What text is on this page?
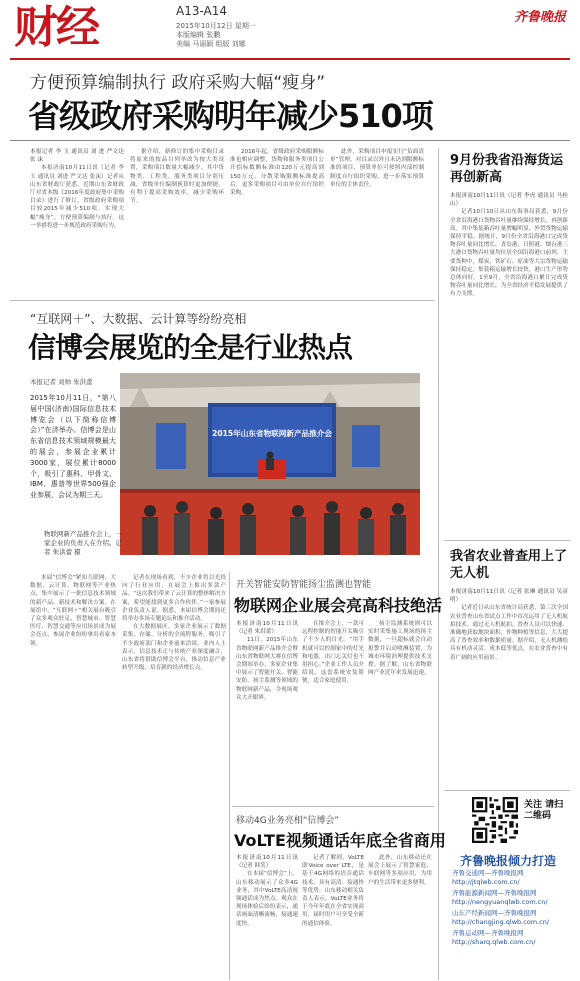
财经	A13-A14
2015年10月12日 星期一
本版编辑 张鹏
美编 马丽颖 组版 刘娜
齐鲁晚报
方便预算编制执行 政府采购大幅“瘦身”
省级政府采购明年减少510项
本报记者 李 玉 通讯员 刘 进 严文达 张 沫

本报济南10月11日讯（记者 李玉 通讯员 刘进 严文达 张沫）记者从山东省财政厅获悉，近期山东省财政厅对省本级《2016年度政府集中采购目录》进行了修订，省级政府采购项目较2015年减少510项，实现大幅“瘦身”，方便预算编制与执行。这一举措将进一步规范政府采购行为。

据介绍，新修订的集中采购目录将原来的按品目列举改为按大类设置，采购项目数量大幅减少。其中货物类、工程类、服务类项目分别压减，省级单位编制预算时更加便捷，有利于提高采购效率，减少采购环节。

2016年起，省级政府采购限额标准也相应调整，货物和服务类项目公开招标数额标准由120万元提高到150万元。分散采购限额标准提高后，更多采购项目可由单位自行组织采购。

此外，采购项目申报实行“负面清单”管理，对目录以外且未达到限额标准的项目，预算单位可按照内部控制制度自行组织采购，进一步落实预算单位的主体责任。

9月份我省沿海货运再创新高
本报济南10月11日讯（记者 李虎 通讯员 马桂山）

记者10月10日从山东海事局获悉，9月份全省沿海港口货物吞吐量继续保持增长，再创新高。其中集装箱吞吐量增幅明显，外贸货物运输保持平稳。据统计，9月份全省沿海港口完成货物吞吐量同比增长，青岛港、日照港、烟台港三大港口货物吞吐量均位居全国沿海港口前列。主要货种中，煤炭、铁矿石、原油等大宗货物运输保持稳定，集装箱运输增长较快，港口生产形势总体向好。1至9月，全省沿海港口累计完成货物吞吐量同比增长，为全省经济平稳发展提供了有力支撑。

我省农业普查用上了无人机
本报济南10月11日讯（记者 张琳 通讯员 吴彦明）

记者近日从山东省统计局获悉，第三次全国农业普查山东省试点工作中首次运用了无人机航拍技术。通过无人机航拍，普查人员可以快速、准确地获取地块面积、作物种植等信息，大大提高了普查效率和数据质量。据介绍，无人机测绘具有机动灵活、成本低等优点，在农业普查中有着广阔的应用前景。

关注 请扫 二维码
齐鲁晚报倾力打造
齐鲁交通网—齐鲁晚报网
http://jtqlwb.com.cn/
齐鲁能源新闻网—齐鲁晚报网
http://nengyuanqlwb.com.cn/
山东产经新闻网—齐鲁晚报网
http://changjing.qlwb.com.cn/
齐鲁运动网—齐鲁晚报网
http://sharq.qlwb.com.cn/
“互联网＋”、大数据、云计算等纷纷亮相
信博会展览的全是行业热点
本报记者 刘帅 朱洪蕾
2015年10月11日，“第八届中国(济南)国际信息技术博览会（以下简称信博会）”在济举办。信博会是山东省信息技术领域规模最大的展会，参展企业累计3000家，展位累计8000个，吸引了惠科、甲骨文、IBM、惠普等世界500强企业参展，会议为期三天。
2015年山东省物联网新产品推介会
物联网新产品推介会上，一家企业的负责人在介绍。记者 朱洪蕾 摄

本届“信博会”紧扣互联网、大数据、云计算、物联网等产业热点，集中展示了一批信息技术领域的新产品、新技术和解决方案。在展馆中，“互联网＋”相关展台吸引了众多观众驻足，智慧城市、智慧医疗、智慧交通等应用场景成为展会亮点，参展企业纷纷拿出看家本领。

记者在现场看到，不少企业将目光投向了行业应用，在展会上推出多款产品。“这次我们带来了云计算的整体解决方案，希望能找到更多合作伙伴。”一家参展企业负责人说。据悉，本届信博会期间还将举办多场专题论坛和推介活动。

在大数据展区，多家企业展示了数据采集、存储、分析的全流程服务，吸引了不少政府部门和企业前来洽谈。业内人士表示，信息技术正与传统产业深度融合，山东省将借助信博会平台，推动信息产业转型升级，培育新的经济增长点。

开关智能安防智能扬尘监测也智能
物联网企业展会亮高科技绝活
本报济南10月11日讯（记者 朱洪蕾）

11日，2015年山东省物联网新产品推介会暨山东省物联网大赛在信博会期间举办，多家企业集中展示了智能开关、智能安防、扬尘监测等领域的物联网新产品，令现场观众大开眼界。

在推介会上，一款可远程控制的智能开关吸引了不少人的目光。“用手机就可以控制家中的灯光和电器，出门忘关灯也不用担心。”企业工作人员介绍说，这套系统安装简便，适合家庭使用。

扬尘监测系统则可以实时采集施工现场的扬尘数据，一旦超标就会自动报警并启动喷淋装置，为城市环境治理提供技术支撑。据了解，山东省物联网产业近年来发展迅速。

移动4G业务亮相“信博会”
VoLTE视频通话年底全省商用
本报济南10月11日讯（记者 韩笑）

在本届“信博会”上，山东移动展示了众多4G业务，其中VoLTE高清视频通话成为焦点。观众在现场体验后纷纷表示，通话画面清晰流畅，接通速度快。

记者了解到，VoLTE即Voice over LTE，是基于4G网络的语音通话技术，具有高清、接通快等优势。山东移动相关负责人表示，VoLTE业务将于今年年底在全省实现商用，届时用户可享受全新的通信体验。

此外，山东移动还在展会上展示了智慧家庭、车联网等多项应用，为用户的生活带来更多便利。
